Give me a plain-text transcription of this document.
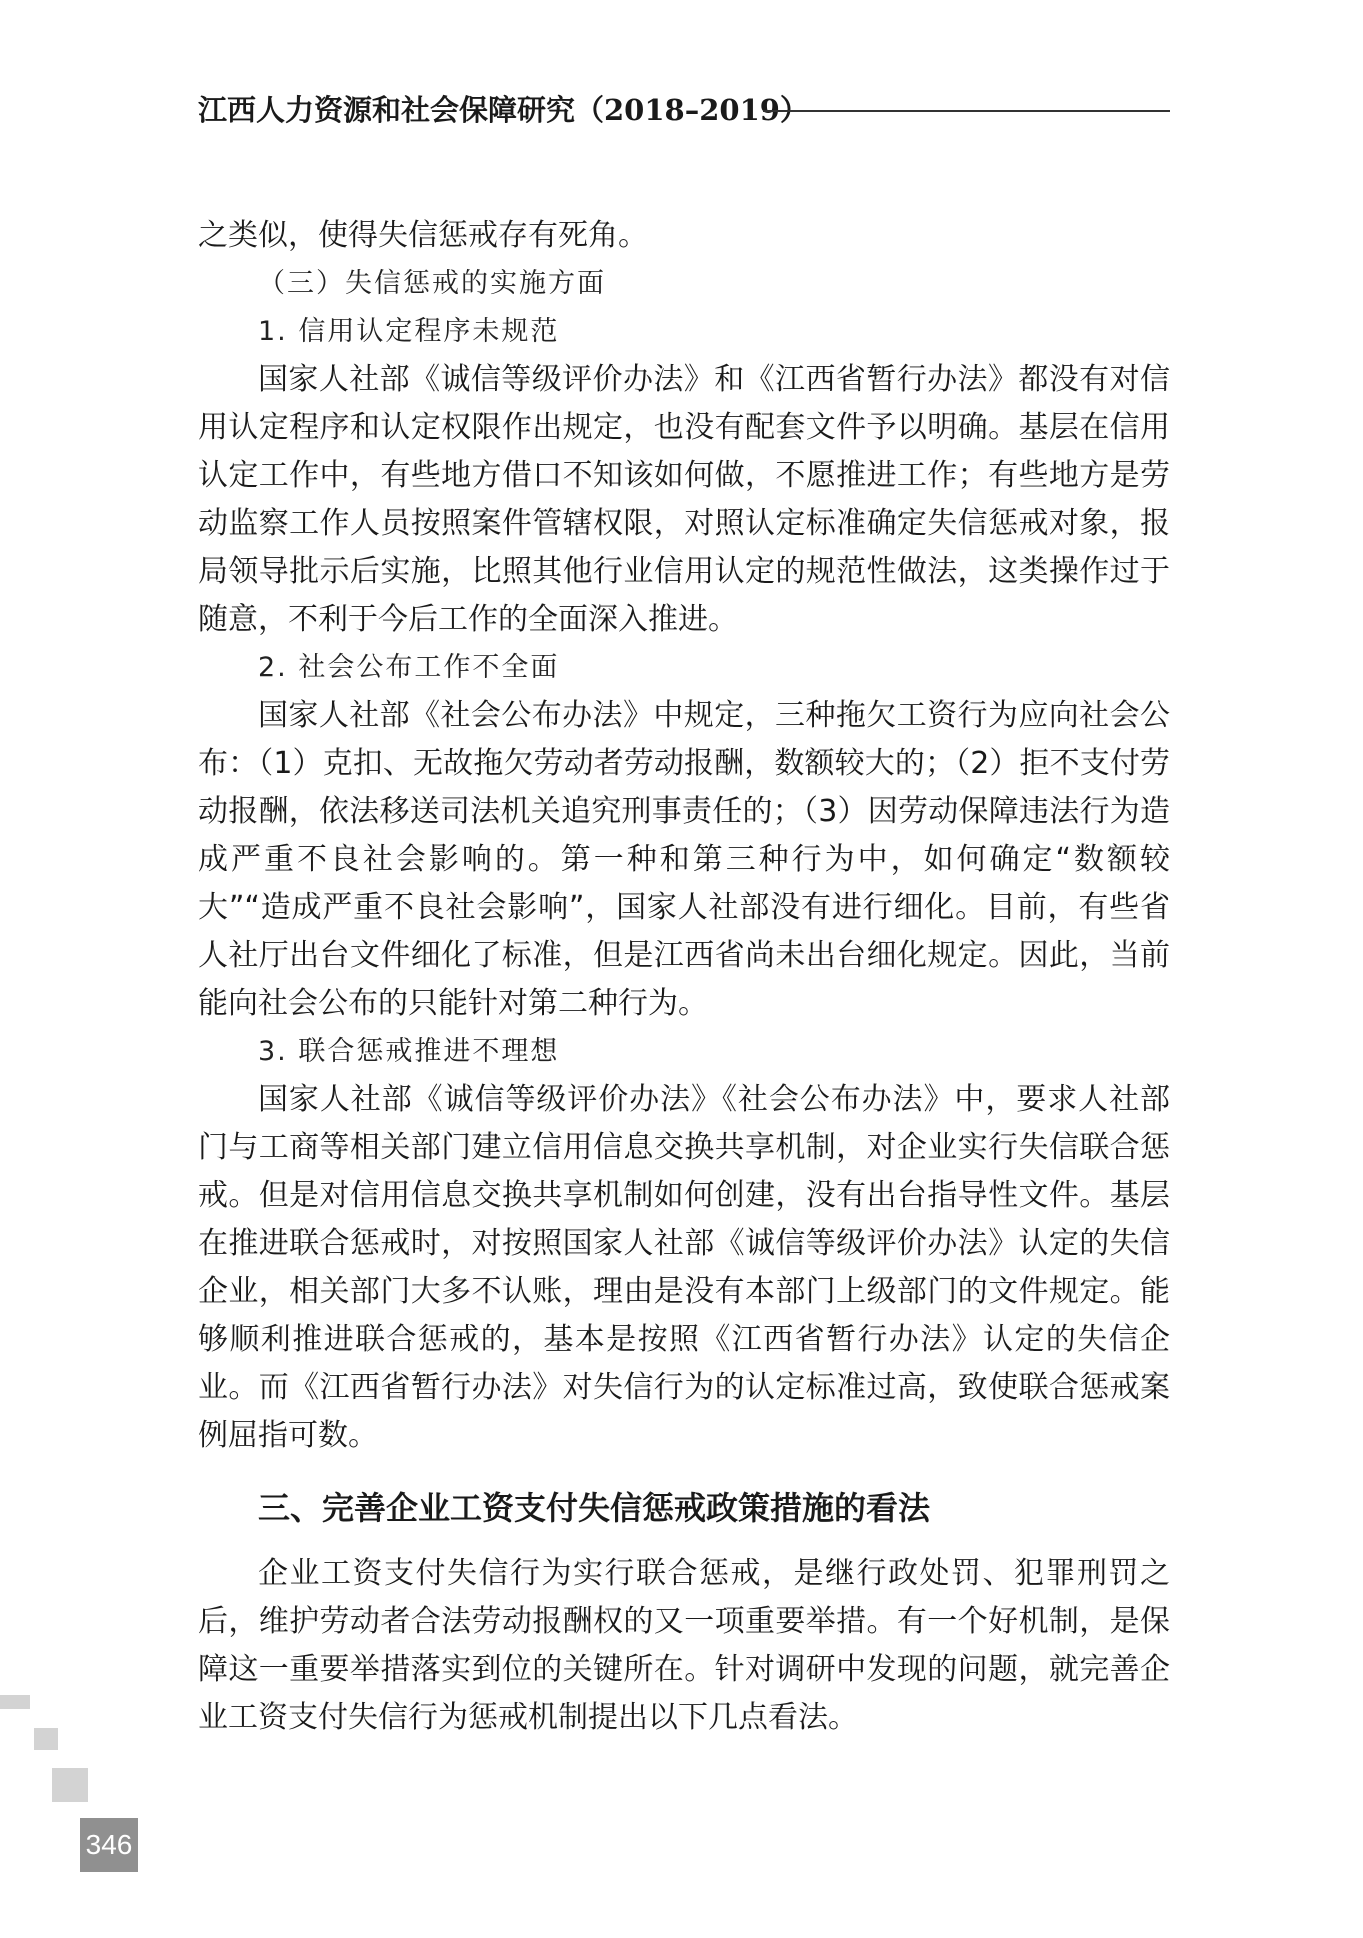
江西人力资源和社会保障研究（2018–2019）

之类似，使得失信惩戒存有死角。

（三）失信惩戒的实施方面

1. 信用认定程序未规范

国家人社部《诚信等级评价办法》和《江西省暂行办法》都没有对信用认定程序和认定权限作出规定，也没有配套文件予以明确。基层在信用认定工作中，有些地方借口不知该如何做，不愿推进工作；有些地方是劳动监察工作人员按照案件管辖权限，对照认定标准确定失信惩戒对象，报局领导批示后实施，比照其他行业信用认定的规范性做法，这类操作过于随意，不利于今后工作的全面深入推进。

2. 社会公布工作不全面

国家人社部《社会公布办法》中规定，三种拖欠工资行为应向社会公布：（1）克扣、无故拖欠劳动者劳动报酬，数额较大的；（2）拒不支付劳动报酬，依法移送司法机关追究刑事责任的；（3）因劳动保障违法行为造成严重不良社会影响的。第一种和第三种行为中，如何确定“数额较大”“造成严重不良社会影响”，国家人社部没有进行细化。目前，有些省人社厅出台文件细化了标准，但是江西省尚未出台细化规定。因此，当前能向社会公布的只能针对第二种行为。

3. 联合惩戒推进不理想

国家人社部《诚信等级评价办法》《社会公布办法》中，要求人社部门与工商等相关部门建立信用信息交换共享机制，对企业实行失信联合惩戒。但是对信用信息交换共享机制如何创建，没有出台指导性文件。基层在推进联合惩戒时，对按照国家人社部《诚信等级评价办法》认定的失信企业，相关部门大多不认账，理由是没有本部门上级部门的文件规定。能够顺利推进联合惩戒的，基本是按照《江西省暂行办法》认定的失信企业。而《江西省暂行办法》对失信行为的认定标准过高，致使联合惩戒案例屈指可数。

三、完善企业工资支付失信惩戒政策措施的看法

企业工资支付失信行为实行联合惩戒，是继行政处罚、犯罪刑罚之后，维护劳动者合法劳动报酬权的又一项重要举措。有一个好机制，是保障这一重要举措落实到位的关键所在。针对调研中发现的问题，就完善企业工资支付失信行为惩戒机制提出以下几点看法。

346
